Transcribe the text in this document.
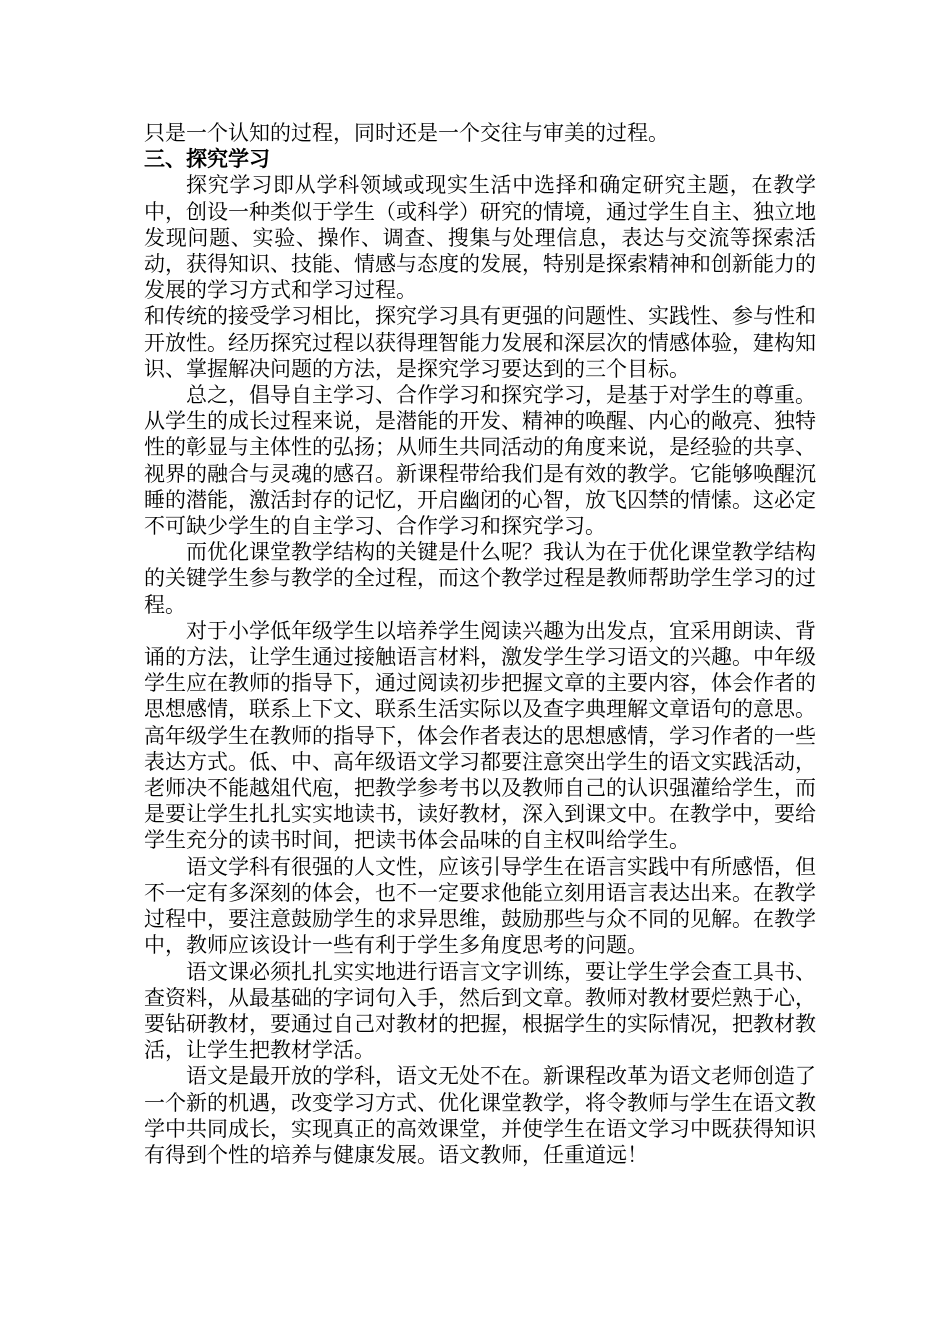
只是一个认知的过程，同时还是一个交往与审美的过程。

三、探究学习

探究学习即从学科领域或现实生活中选择和确定研究主题，在教学中，创设一种类似于学生（或科学）研究的情境，通过学生自主、独立地发现问题、实验、操作、调查、搜集与处理信息，表达与交流等探索活动，获得知识、技能、情感与态度的发展，特别是探索精神和创新能力的发展的学习方式和学习过程。

和传统的接受学习相比，探究学习具有更强的问题性、实践性、参与性和开放性。经历探究过程以获得理智能力发展和深层次的情感体验，建构知识、掌握解决问题的方法，是探究学习要达到的三个目标。

总之，倡导自主学习、合作学习和探究学习，是基于对学生的尊重。从学生的成长过程来说，是潜能的开发、精神的唤醒、内心的敞亮、独特性的彰显与主体性的弘扬；从师生共同活动的角度来说，是经验的共享、视界的融合与灵魂的感召。新课程带给我们是有效的教学。它能够唤醒沉睡的潜能，激活封存的记忆，开启幽闭的心智，放飞囚禁的情愫。这必定不可缺少学生的自主学习、合作学习和探究学习。

而优化课堂教学结构的关键是什么呢？我认为在于优化课堂教学结构的关键学生参与教学的全过程，而这个教学过程是教师帮助学生学习的过程。

对于小学低年级学生以培养学生阅读兴趣为出发点，宜采用朗读、背诵的方法，让学生通过接触语言材料，激发学生学习语文的兴趣。中年级学生应在教师的指导下，通过阅读初步把握文章的主要内容，体会作者的思想感情，联系上下文、联系生活实际以及查字典理解文章语句的意思。高年级学生在教师的指导下，体会作者表达的思想感情，学习作者的一些表达方式。低、中、高年级语文学习都要注意突出学生的语文实践活动，老师决不能越俎代庖，把教学参考书以及教师自己的认识强灌给学生，而是要让学生扎扎实实地读书，读好教材，深入到课文中。在教学中，要给学生充分的读书时间，把读书体会品味的自主权叫给学生。

语文学科有很强的人文性，应该引导学生在语言实践中有所感悟，但不一定有多深刻的体会，也不一定要求他能立刻用语言表达出来。在教学过程中，要注意鼓励学生的求异思维，鼓励那些与众不同的见解。在教学中，教师应该设计一些有利于学生多角度思考的问题。

语文课必须扎扎实实地进行语言文字训练，要让学生学会查工具书、查资料，从最基础的字词句入手，然后到文章。教师对教材要烂熟于心，要钻研教材，要通过自己对教材的把握，根据学生的实际情况，把教材教活，让学生把教材学活。

语文是最开放的学科，语文无处不在。新课程改革为语文老师创造了一个新的机遇，改变学习方式、优化课堂教学，将令教师与学生在语文教学中共同成长，实现真正的高效课堂，并使学生在语文学习中既获得知识有得到个性的培养与健康发展。语文教师，任重道远！
